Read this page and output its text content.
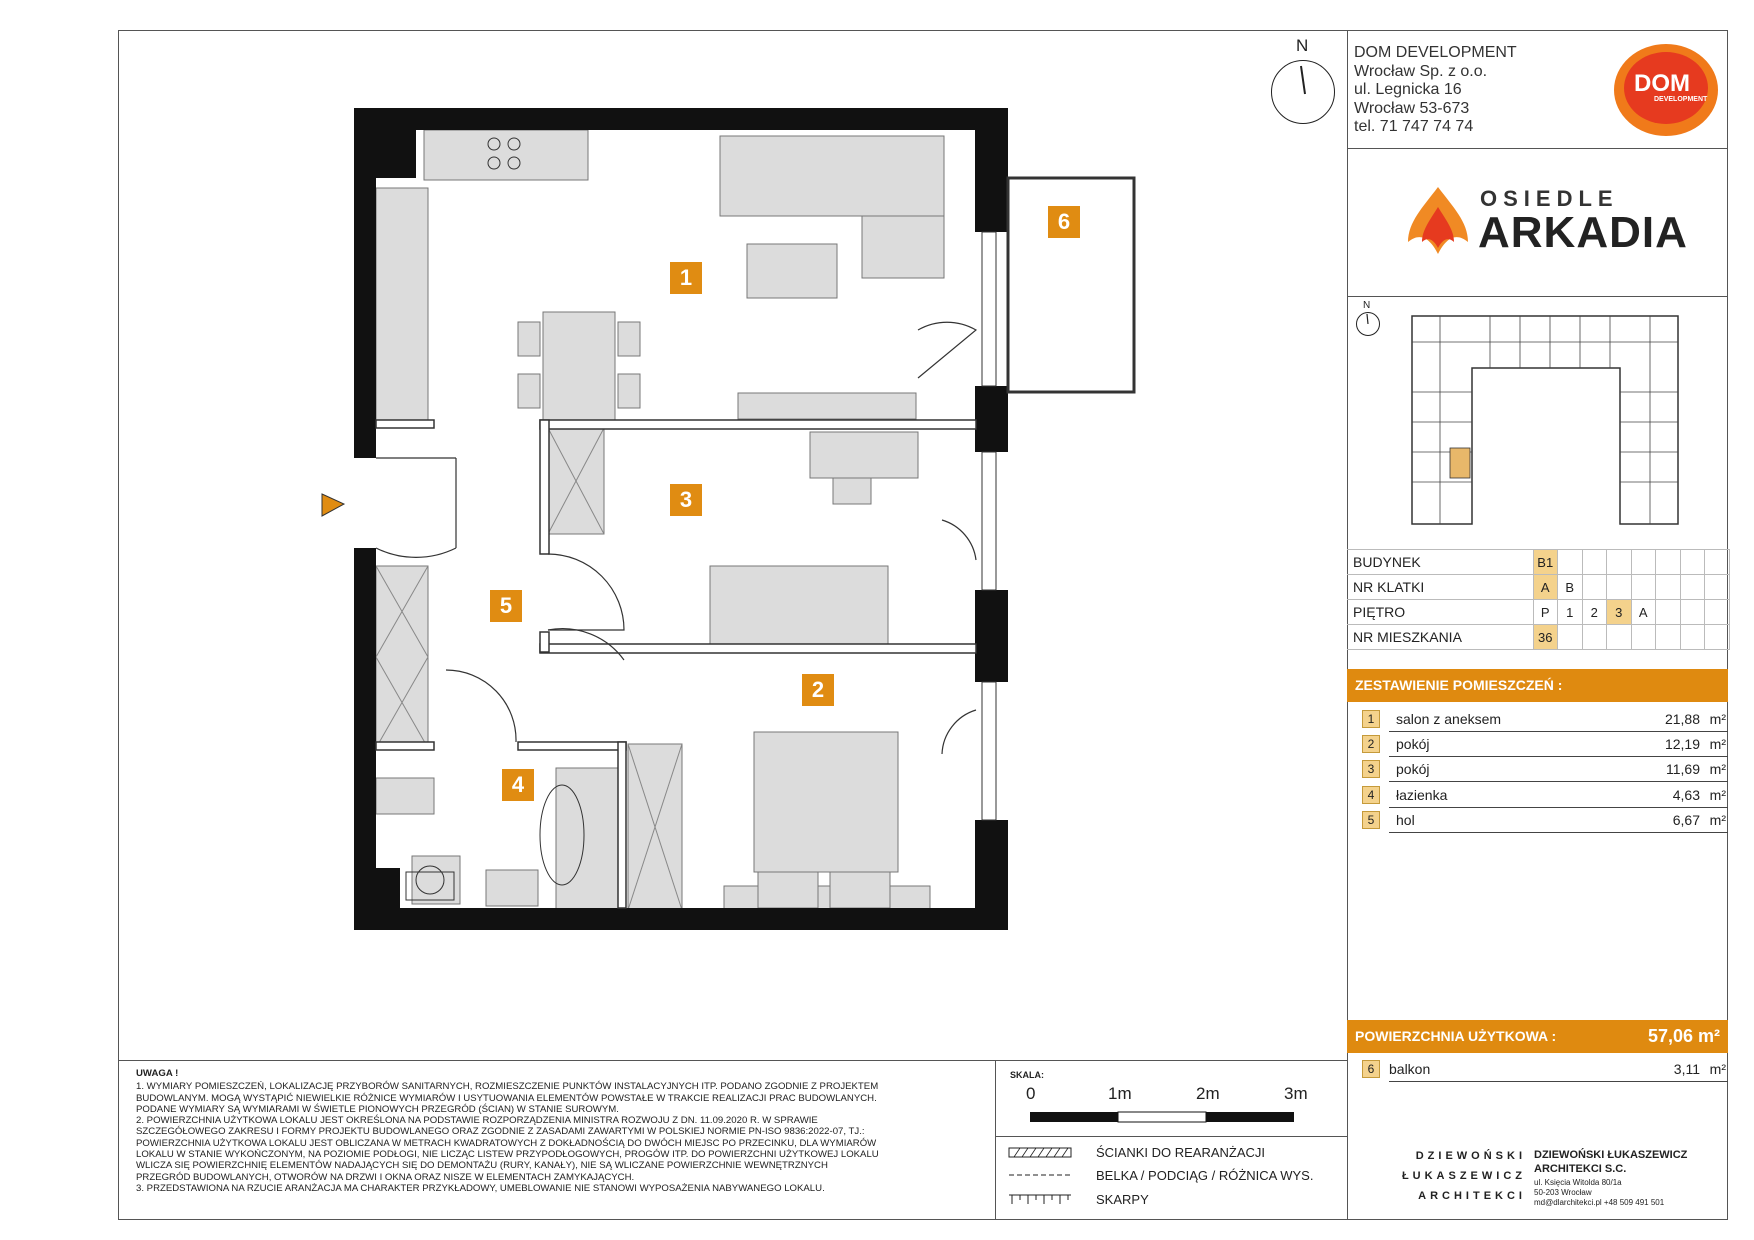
1
2
3
4
5
6
N	DOM DEVELOPMENT
Wrocław Sp. z o.o.
ul. Legnicka 16
Wrocław 53-673
tel. 71 747 74 74
DOM
DEVELOPMENT
OSIEDLE
ARKADIA
N
BUDYNEK	B1							
NR KLATKI	A	B						
PIĘTRO	P	1	2	3	A			
NR MIESZKANIA	36							
ZESTAWIENIE POMIESZCZEŃ :
1	salon z aneksem	21,88 m²
2	pokój	12,19 m²
3	pokój	11,69 m²
4	łazienka	4,63 m²
5	hol	6,67 m²
POWIERZCHNIA UŻYTKOWA :	57,06 m²
6	balkon	3,11 m²
UWAGA !
1. WYMIARY POMIESZCZEŃ, LOKALIZACJĘ PRZYBORÓW SANITARNYCH, ROZMIESZCZENIE PUNKTÓW INSTALACYJNYCH ITP. PODANO ZGODNIE Z PROJEKTEM
BUDOWLANYM. MOGĄ WYSTĄPIĆ NIEWIELKIE RÓŻNICE WYMIARÓW I USYTUOWANIA ELEMENTÓW POWSTAŁE W TRAKCIE REALIZACJI PRAC BUDOWLANYCH.
PODANE WYMIARY SĄ WYMIARAMI W ŚWIETLE PIONOWYCH PRZEGRÓD (ŚCIAN) W STANIE SUROWYM.
2. POWIERZCHNIA UŻYTKOWA LOKALU JEST OKREŚLONA NA PODSTAWIE ROZPORZĄDZENIA MINISTRA ROZWOJU Z DN. 11.09.2020 R. W SPRAWIE
SZCZEGÓŁOWEGO ZAKRESU I FORMY PROJEKTU BUDOWLANEGO ORAZ ZGODNIE Z ZASADAMI ZAWARTYMI W POLSKIEJ NORMIE PN-ISO 9836:2022-07, TJ.:
POWIERZCHNIA UŻYTKOWA LOKALU JEST OBLICZANA W METRACH KWADRATOWYCH Z DOKŁADNOŚCIĄ DO DWÓCH MIEJSC PO PRZECINKU, DLA WYMIARÓW
LOKALU W STANIE WYKOŃCZONYM, NA POZIOMIE PODŁOGI, NIE LICZĄC LISTEW PRZYPODŁOGOWYCH, PROGÓW ITP. DO POWIERZCHNI UŻYTKOWEJ LOKALU
WLICZA SIĘ POWIERZCHNIĘ ELEMENTÓW NADAJĄCYCH SIĘ DO DEMONTAŻU (RURY, KANAŁY), NIE SĄ WLICZANE POWIERZCHNIE WEWNĘTRZNYCH
PRZEGRÓD BUDOWLANYCH, OTWORÓW NA DRZWI I OKNA ORAZ NISZE W ELEMENTACH ZAMYKAJĄCYCH.
3. PRZEDSTAWIONA NA RZUCIE ARANŻACJA MA CHARAKTER PRZYKŁADOWY, UMEBLOWANIE NIE STANOWI WYPOSAŻENIA NABYWANEGO LOKALU.
SKALA:
0	1m	2m	3m
ŚCIANKI DO REARANŻACJI
BELKA / PODCIĄG / RÓŻNICA WYS.
SKARPY
DZIEWOŃSKI
ŁUKASZEWICZ
ARCHITEKCI
DZIEWOŃSKI ŁUKASZEWICZ
ARCHITEKCI S.C.
ul. Księcia Witolda 80/1a
50-203 Wrocław
md@dlarchitekci.pl +48 509 491 501
